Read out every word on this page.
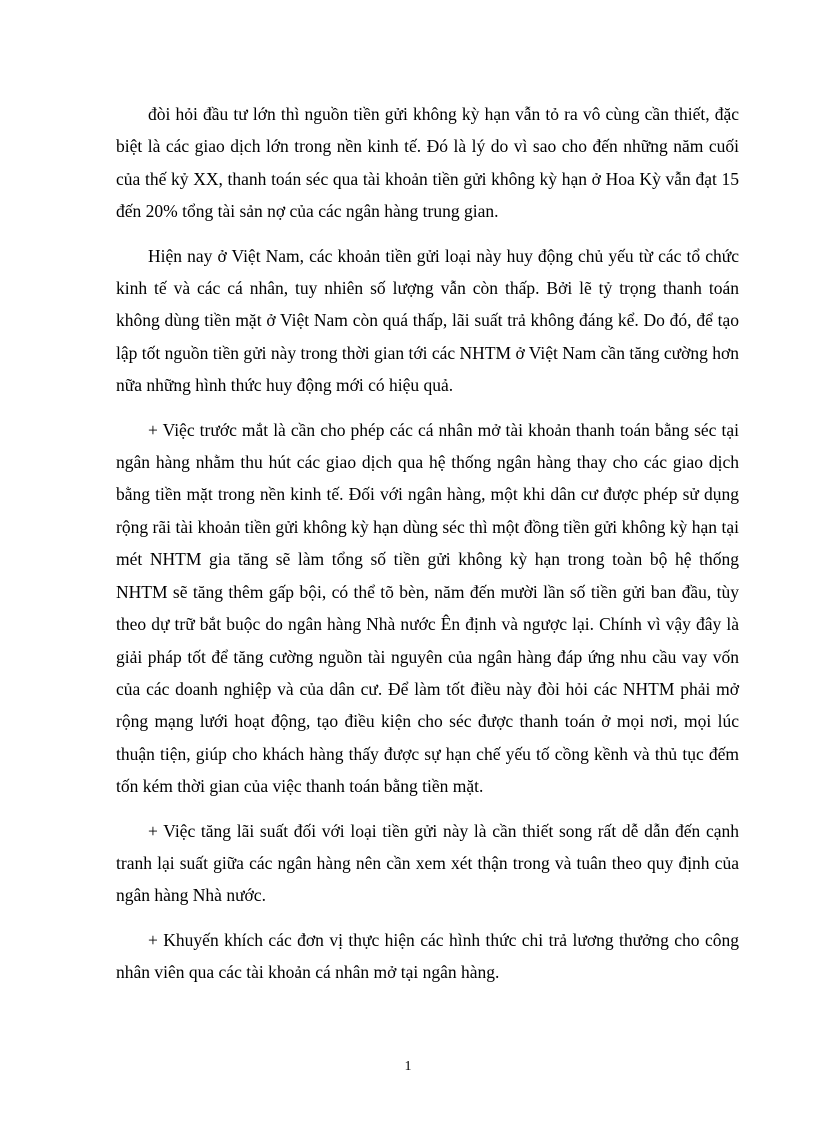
đòi hỏi đầu tư lớn thì nguồn tiền gửi không kỳ hạn vẫn tỏ ra vô cùng cần thiết, đặc biệt là các giao dịch lớn trong nền kinh tế. Đó là lý do vì sao cho đến những năm cuối của thế kỷ XX, thanh toán séc qua tài khoản tiền gửi không kỳ hạn ở Hoa Kỳ vẫn đạt 15 đến 20% tổng tài sản nợ của các ngân hàng trung gian.

Hiện nay ở Việt Nam, các khoản tiền gửi loại này huy động chủ yếu từ các tổ chức kinh tế và các cá nhân, tuy nhiên số lượng vẫn còn thấp. Bởi lẽ tỷ trọng thanh toán không dùng tiền mặt ở Việt Nam còn quá thấp, lãi suất trả không đáng kể. Do đó, để tạo lập tốt nguồn tiền gửi này trong thời gian tới các NHTM ở Việt Nam cần tăng cường hơn nữa những hình thức huy động mới có hiệu quả.

+ Việc trước mắt là cần cho phép các cá nhân mở tài khoản thanh toán bằng séc tại ngân hàng nhằm thu hút các giao dịch qua hệ thống ngân hàng thay cho các giao dịch bằng tiền mặt trong nền kinh tế. Đối với ngân hàng, một khi dân cư được phép sử dụng rộng rãi tài khoản tiền gửi không kỳ hạn dùng séc thì một đồng tiền gửi không kỳ hạn tại mét NHTM gia tăng sẽ làm tổng số tiền gửi không kỳ hạn trong toàn bộ hệ thống NHTM sẽ tăng thêm gấp bội, có thể tõ bèn, năm đến mười lần số tiền gửi ban đầu, tùy theo dự trữ bắt buộc do ngân hàng Nhà nước Ên định và ngược lại. Chính vì vậy đây là giải pháp tốt để tăng cường nguồn tài nguyên của ngân hàng đáp ứng nhu cầu vay vốn của các doanh nghiệp và của dân cư. Để làm tốt điều này đòi hỏi các NHTM phải mở rộng mạng lưới hoạt động, tạo điều kiện cho séc được thanh toán ở mọi nơi, mọi lúc thuận tiện, giúp cho khách hàng thấy được sự hạn chế yếu tố cồng kềnh và thủ tục đếm tốn kém thời gian của việc thanh toán bằng tiền mặt.

+ Việc tăng lãi suất đối với loại tiền gửi này là cần thiết song rất dễ dẫn đến cạnh tranh lại suất giữa các ngân hàng nên cần xem xét thận trong và tuân theo quy định của ngân hàng Nhà nước.

+ Khuyến khích các đơn vị thực hiện các hình thức chi trả lương thưởng cho công nhân viên qua các tài khoản cá nhân mở tại ngân hàng.

1
